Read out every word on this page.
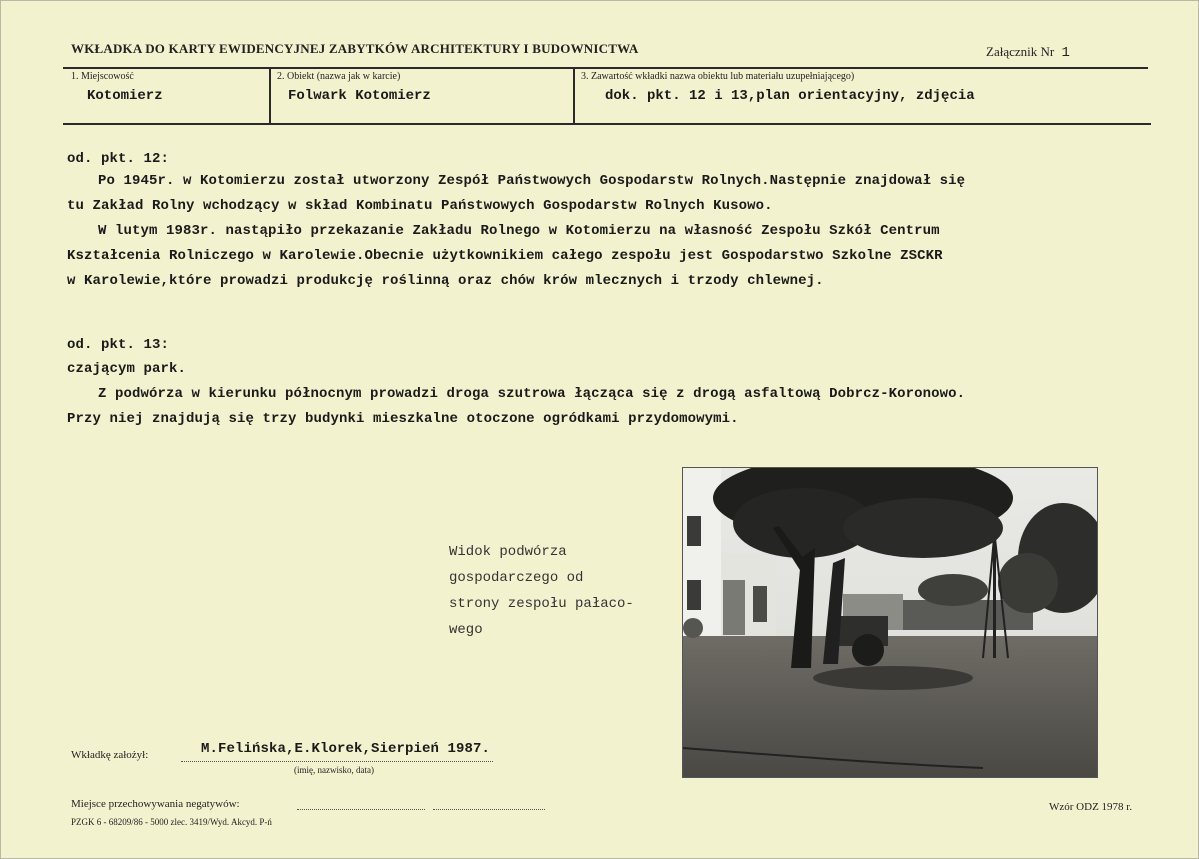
WKŁADKA DO KARTY EWIDENCYJNEJ ZABYTKÓW ARCHITEKTURY I BUDOWNICTWA	Załącznik Nr 1
1. Miejscowość
Kotomierz
2. Obiekt (nazwa jak w karcie)
Folwark Kotomierz
3. Zawartość wkładki nazwa obiektu lub materiału uzupełniającego)
dok. pkt. 12 i 13,plan orientacyjny, zdjęcia
od. pkt. 12:
Po 1945r. w Kotomierzu został utworzony Zespół Państwowych Gospodarstw Rolnych.Następnie znajdował się
tu Zakład Rolny wchodzący w skład Kombinatu Państwowych Gospodarstw Rolnych Kusowo.
W lutym 1983r. nastąpiło przekazanie Zakładu Rolnego w Kotomierzu na własność Zespołu Szkół Centrum
Kształcenia Rolniczego w Karolewie.Obecnie użytkownikiem całego zespołu jest Gospodarstwo Szkolne ZSCKR
w Karolewie,które prowadzi produkcję roślinną oraz chów krów mlecznych i trzody chlewnej.
od. pkt. 13:
czającym park.
Z podwórza w kierunku północnym prowadzi droga szutrowa łącząca się z drogą asfaltową Dobrcz-Koronowo.
Przy niej znajdują się trzy budynki mieszkalne otoczone ogródkami przydomowymi.
Widok podwórza
gospodarczego od
strony zespołu pałaco-
wego
Wkładkę założył:	M.Felińska,E.Klorek,Sierpień 1987.
(imię, nazwisko, data)
Miejsce przechowywania negatywów:
PZGK 6 - 68209/86 - 5000 zlec. 3419/Wyd. Akcyd. P-ń
Wzór ODZ 1978 r.
